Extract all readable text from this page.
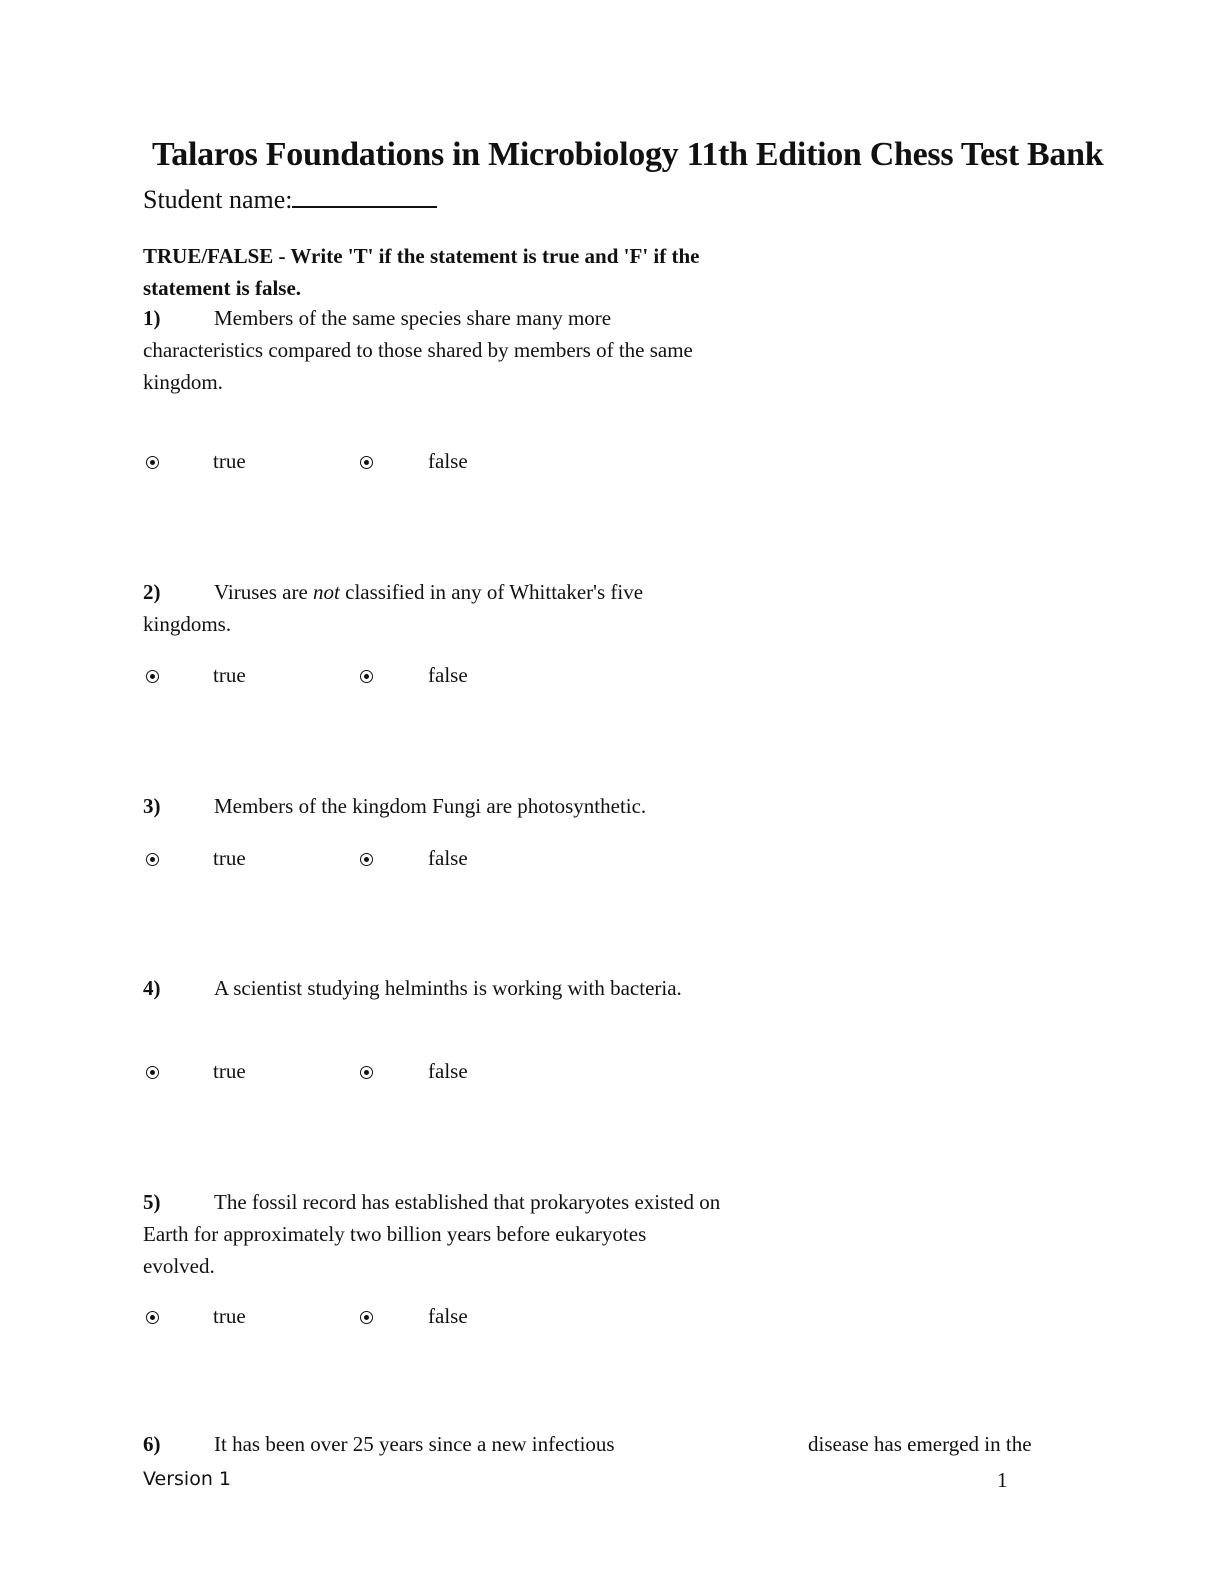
Talaros Foundations in Microbiology 11th Edition Chess Test Bank
Student name:
TRUE/FALSE - Write 'T' if the statement is true and 'F' if the statement is false.
1)	Members of the same species share many more characteristics compared to those shared by members of the same kingdom.
true	false
2)	Viruses are not classified in any of Whittaker's five kingdoms.
true	false
3)	Members of the kingdom Fungi are photosynthetic.
true	false
4)	A scientist studying helminths is working with bacteria.
true	false
5)	The fossil record has established that prokaryotes existed on Earth for approximately two billion years before eukaryotes evolved.
true	false
6)	It has been over 25 years since a new infectious	disease has emerged in the
Version 1	1
